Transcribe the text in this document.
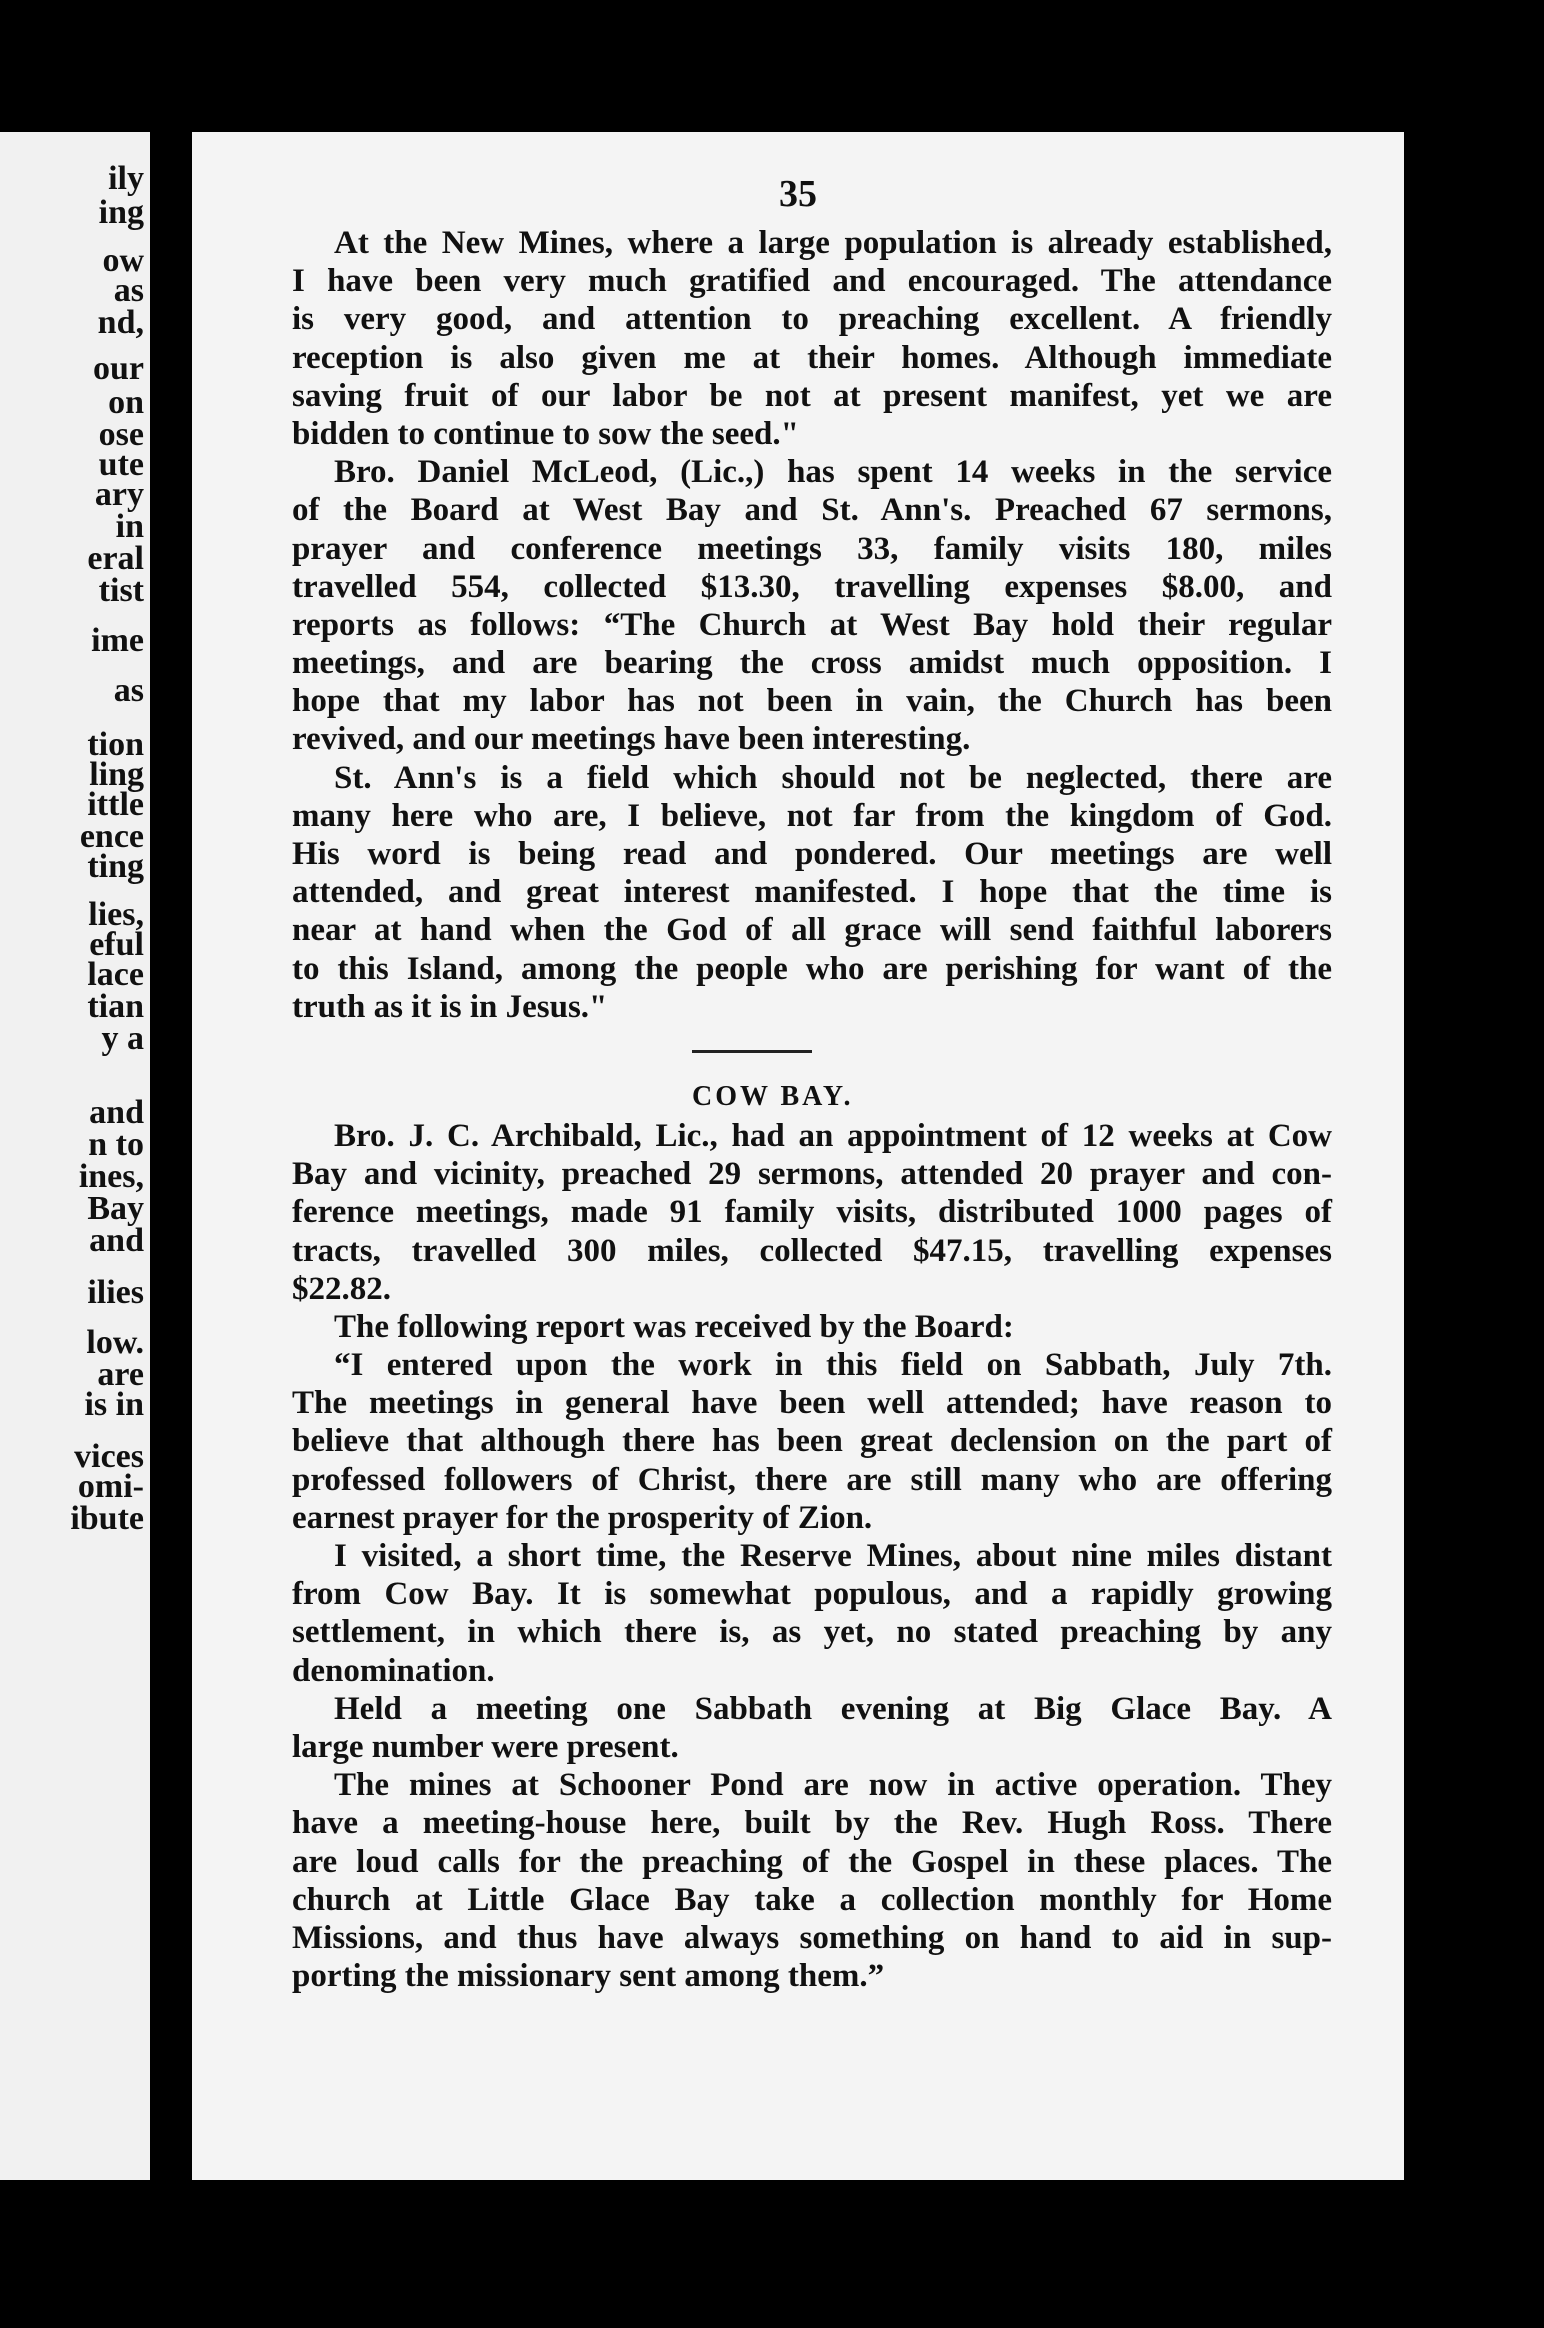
ily
ing
ow
as
nd,
our
on
ose
ute
ary
in
eral
tist
ime
as
tion
ling
ittle
ence
ting
lies,
eful
lace
tian
y a
and
n to
ines,
Bay
and
ilies
low.
are
is in
vices
omi-
ibute
35
At the New Mines, where a large population is already established,
I have been very much gratified and encouraged. The attendance
is very good, and attention to preaching excellent. A friendly
reception is also given me at their homes. Although immediate
saving fruit of our labor be not at present manifest, yet we are
bidden to continue to sow the seed."
Bro. Daniel McLeod, (Lic.,) has spent 14 weeks in the service
of the Board at West Bay and St. Ann's. Preached 67 sermons,
prayer and conference meetings 33, family visits 180, miles
travelled 554, collected $13.30, travelling expenses $8.00, and
reports as follows: “The Church at West Bay hold their regular
meetings, and are bearing the cross amidst much opposition. I
hope that my labor has not been in vain, the Church has been
revived, and our meetings have been interesting.
St. Ann's is a field which should not be neglected, there are
many here who are, I believe, not far from the kingdom of God.
His word is being read and pondered. Our meetings are well
attended, and great interest manifested. I hope that the time is
near at hand when the God of all grace will send faithful laborers
to this Island, among the people who are perishing for want of the
truth as it is in Jesus."
COW BAY.
Bro. J. C. Archibald, Lic., had an appointment of 12 weeks at Cow
Bay and vicinity, preached 29 sermons, attended 20 prayer and con-
ference meetings, made 91 family visits, distributed 1000 pages of
tracts, travelled 300 miles, collected $47.15, travelling expenses
$22.82.
The following report was received by the Board:
“I entered upon the work in this field on Sabbath, July 7th.
The meetings in general have been well attended; have reason to
believe that although there has been great declension on the part of
professed followers of Christ, there are still many who are offering
earnest prayer for the prosperity of Zion.
I visited, a short time, the Reserve Mines, about nine miles distant
from Cow Bay. It is somewhat populous, and a rapidly growing
settlement, in which there is, as yet, no stated preaching by any
denomination.
Held a meeting one Sabbath evening at Big Glace Bay. A
large number were present.
The mines at Schooner Pond are now in active operation. They
have a meeting-house here, built by the Rev. Hugh Ross. There
are loud calls for the preaching of the Gospel in these places. The
church at Little Glace Bay take a collection monthly for Home
Missions, and thus have always something on hand to aid in sup-
porting the missionary sent among them.”
